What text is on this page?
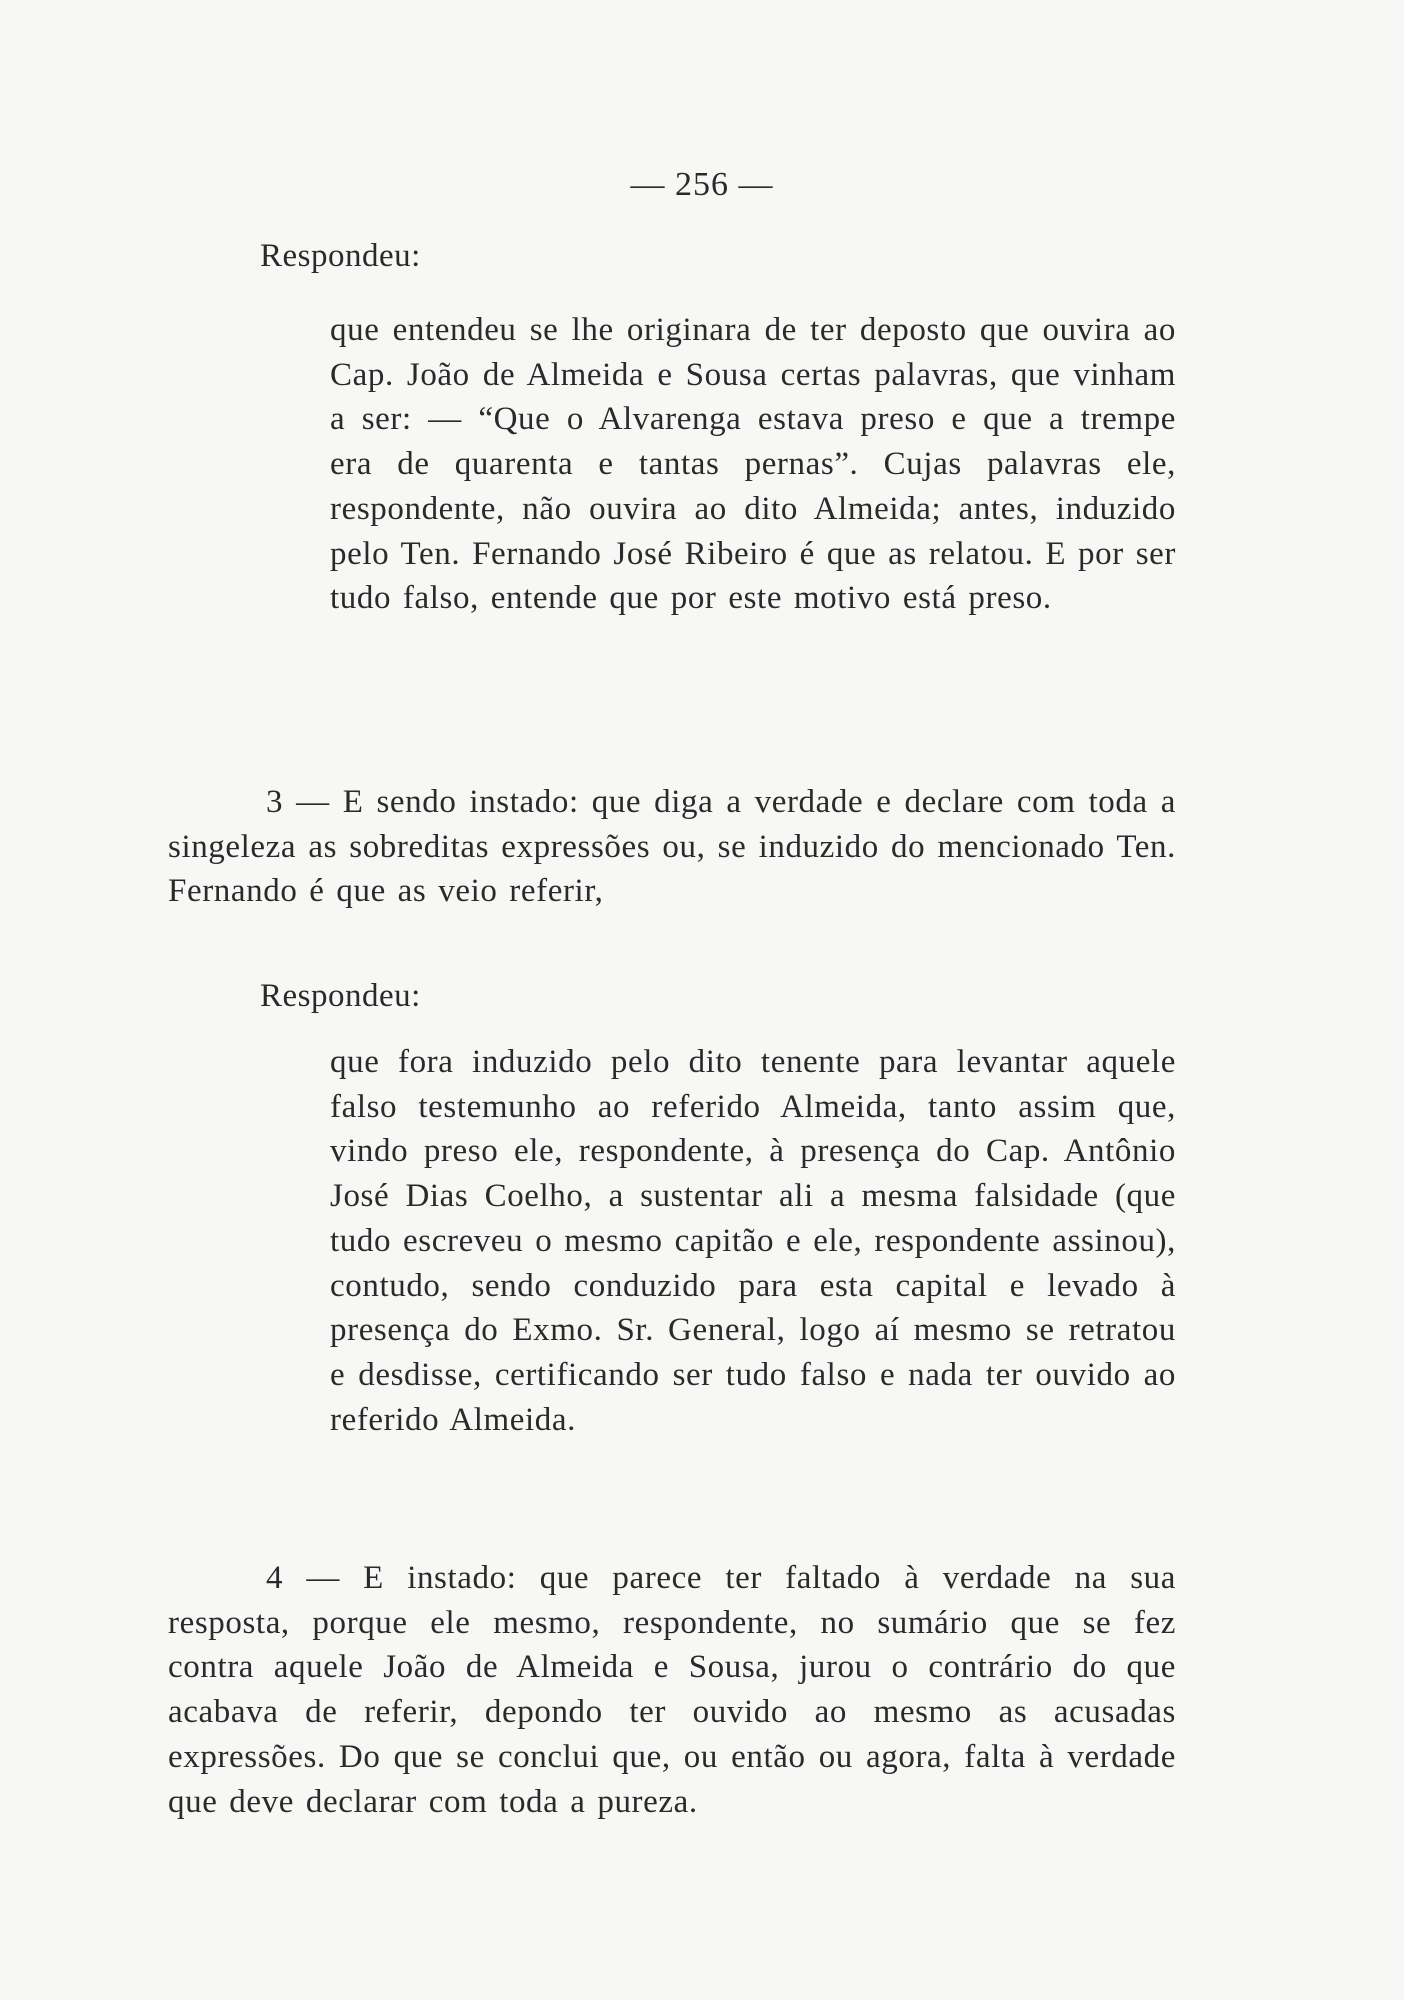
— 256 —
Respondeu:
que entendeu se lhe originara de ter deposto que ouvira ao Cap. João de Almeida e Sousa certas palavras, que vinham a ser: — “Que o Alvarenga estava preso e que a trempe era de quarenta e tantas pernas”. Cujas palavras ele, respondente, não ouvira ao dito Almeida; antes, induzido pelo Ten. Fernando José Ribeiro é que as relatou. E por ser tudo falso, entende que por este motivo está preso.
3 — E sendo instado: que diga a verdade e declare com toda a singeleza as sobreditas expressões ou, se induzido do mencionado Ten. Fernando é que as veio referir,
Respondeu:
que fora induzido pelo dito tenente para levantar aquele falso testemunho ao referido Almeida, tanto assim que, vindo preso ele, respondente, à presença do Cap. Antônio José Dias Coelho, a sustentar ali a mesma falsidade (que tudo escreveu o mesmo capitão e ele, respondente assinou), contudo, sendo conduzido para esta capital e levado à presença do Exmo. Sr. General, logo aí mesmo se retratou e desdisse, certificando ser tudo falso e nada ter ouvido ao referido Almeida.
4 — E instado: que parece ter faltado à verdade na sua resposta, porque ele mesmo, respondente, no sumário que se fez contra aquele João de Almeida e Sousa, jurou o contrário do que acabava de referir, depondo ter ouvido ao mesmo as acusadas expressões. Do que se conclui que, ou então ou agora, falta à verdade que deve declarar com toda a pureza.
